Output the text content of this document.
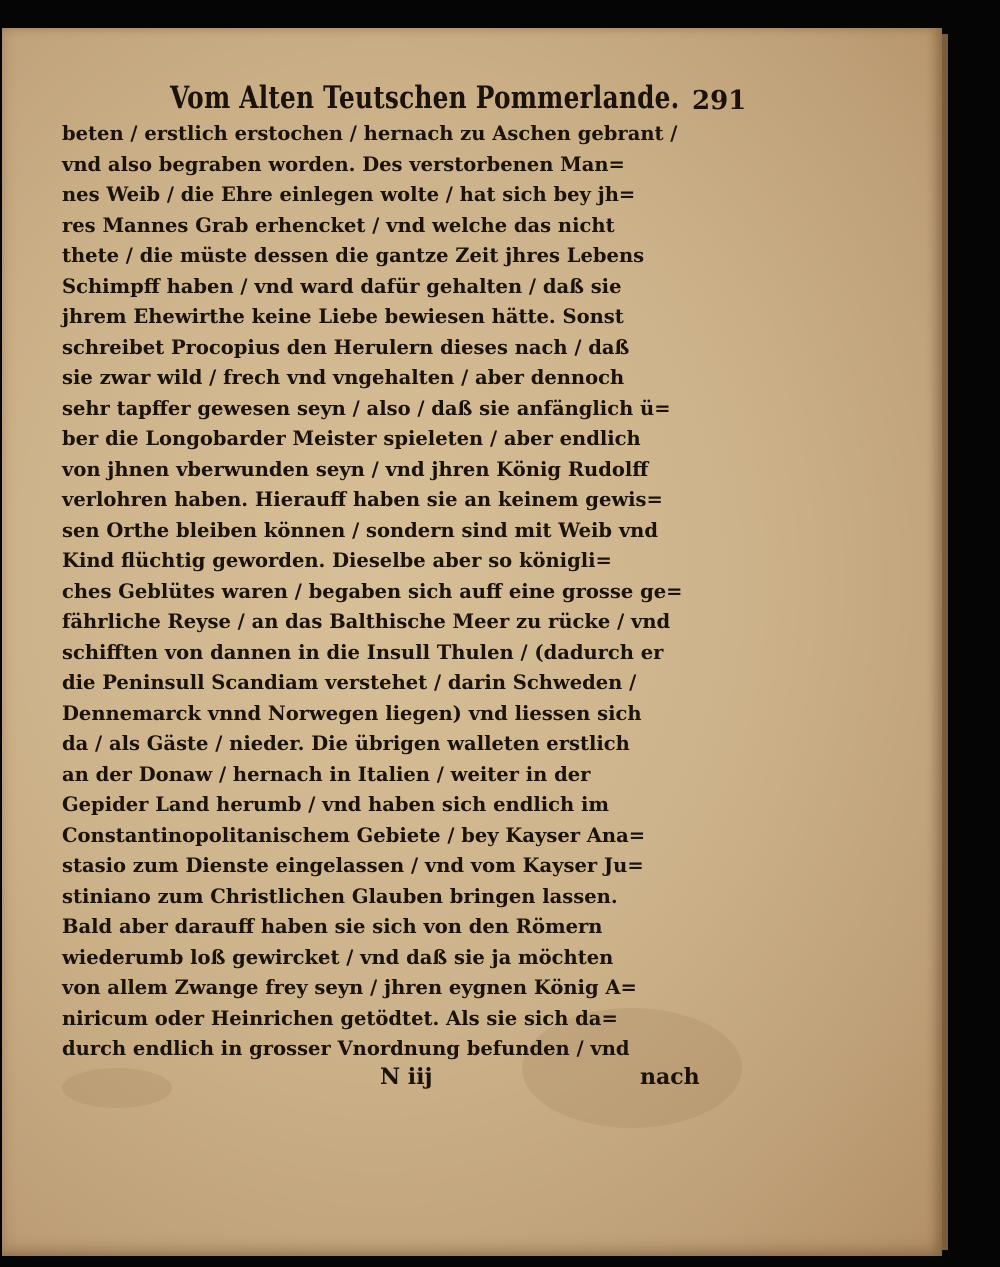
Vom Alten Teutschen Pommerlande. 291
beten / erstlich erstochen / hernach zu Aschen gebrant /
vnd also begraben worden. Des verstorbenen Man=
nes Weib / die Ehre einlegen wolte / hat sich bey jh=
res Mannes Grab erhencket / vnd welche das nicht
thete / die müste dessen die gantze Zeit jhres Lebens
Schimpff haben / vnd ward dafür gehalten / daß sie
jhrem Ehewirthe keine Liebe bewiesen hätte. Sonst
schreibet Procopius den Herulern dieses nach / daß
sie zwar wild / frech vnd vngehalten / aber dennoch
sehr tapffer gewesen seyn / also / daß sie anfänglich ü=
ber die Longobarder Meister spieleten / aber endlich
von jhnen vberwunden seyn / vnd jhren König Rudolff
verlohren haben. Hierauff haben sie an keinem gewis=
sen Orthe bleiben können / sondern sind mit Weib vnd
Kind flüchtig geworden. Dieselbe aber so königli=
ches Geblütes waren / begaben sich auff eine grosse ge=
fährliche Reyse / an das Balthische Meer zu rücke / vnd
schifften von dannen in die Insull Thulen / (dadurch er
die Peninsull Scandiam verstehet / darin Schweden /
Dennemarck vnnd Norwegen liegen) vnd liessen sich
da / als Gäste / nieder. Die übrigen walleten erstlich
an der Donaw / hernach in Italien / weiter in der
Gepider Land herumb / vnd haben sich endlich im
Constantinopolitanischem Gebiete / bey Kayser Ana=
stasio zum Dienste eingelassen / vnd vom Kayser Ju=
stiniano zum Christlichen Glauben bringen lassen.
Bald aber darauff haben sie sich von den Römern
wiederumb loß gewircket / vnd daß sie ja möchten
von allem Zwange frey seyn / jhren eygnen König A=
niricum oder Heinrichen getödtet. Als sie sich da=
durch endlich in grosser Vnordnung befunden / vnd
N iij	nach
